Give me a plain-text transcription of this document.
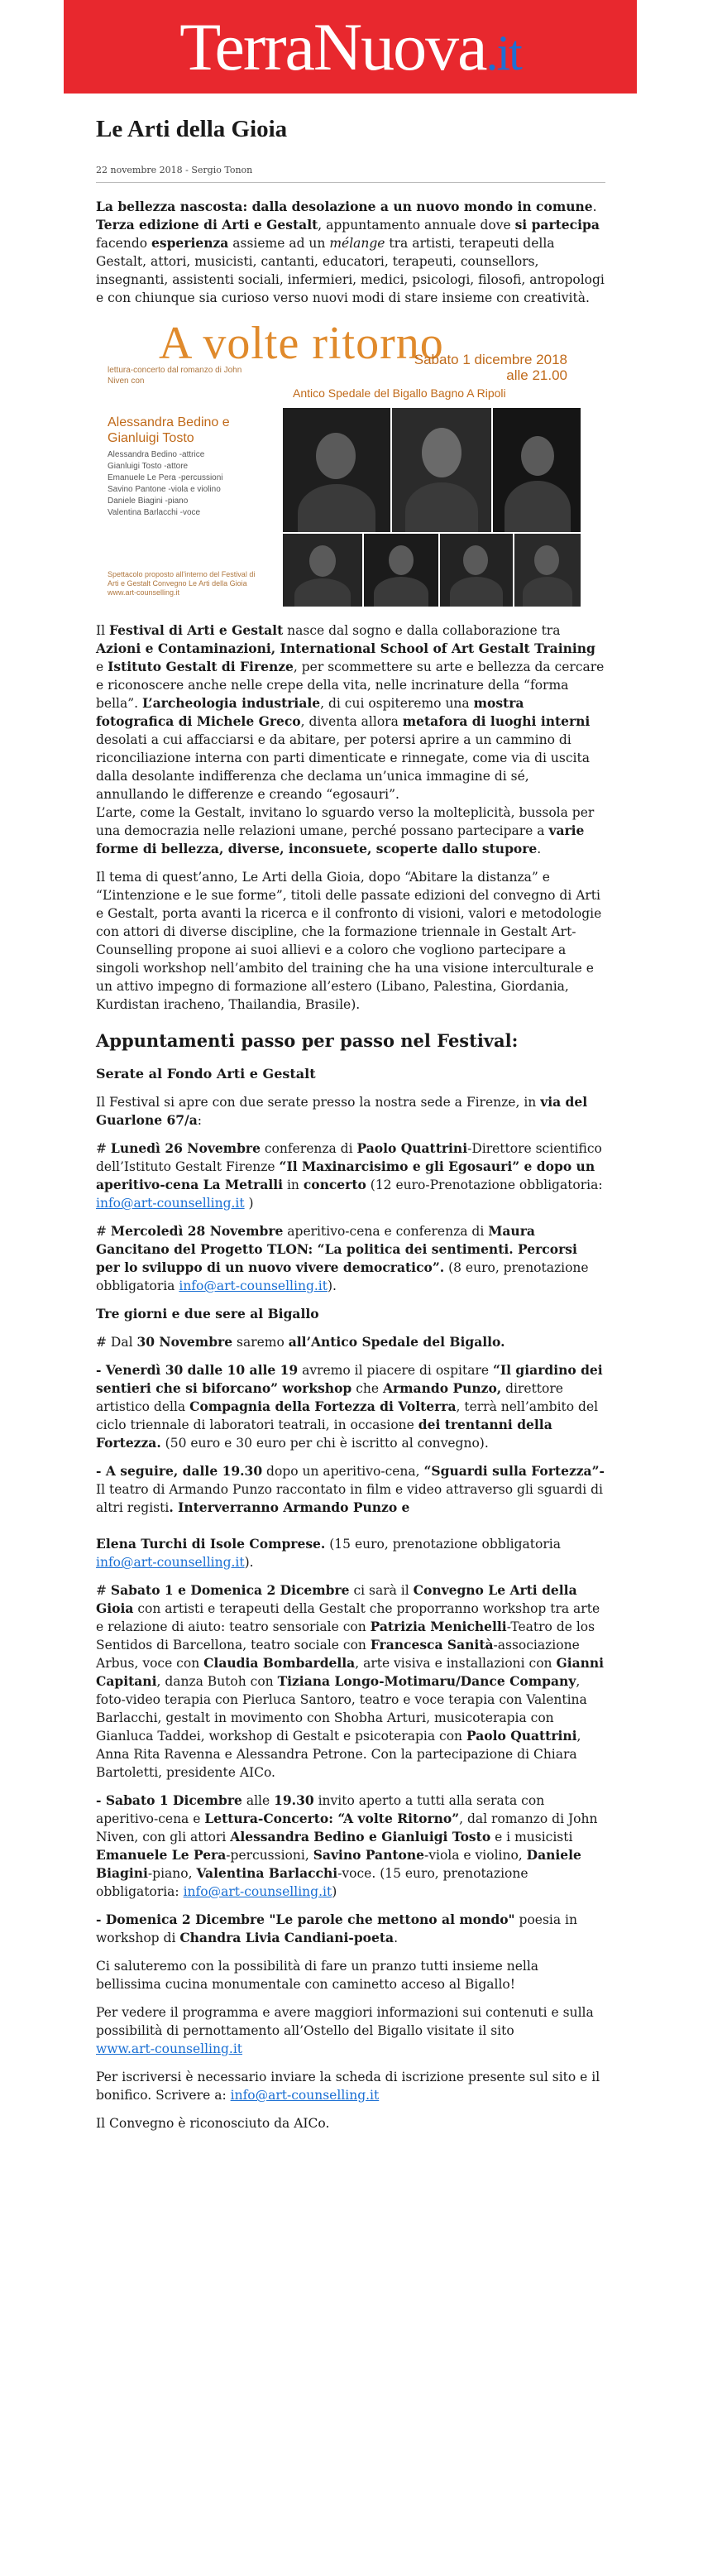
TerraNuova.it
Le Arti della Gioia
22 novembre 2018 - Sergio Tonon

La bellezza nascosta: dalla desolazione a un nuovo mondo in comune. Terza edizione di Arti e Gestalt, appuntamento annuale dove si partecipa facendo esperienza assieme ad un mélange tra artisti, terapeuti della Gestalt, attori, musicisti, cantanti, educatori, terapeuti, counsellors, insegnanti, assistenti sociali, infermieri, medici, psicologi, filosofi, antropologi e con chiunque sia curioso verso nuovi modi di stare insieme con creatività.

A volte ritorno
Sabato 1 dicembre 2018
alle 21.00
Antico Spedale del Bigallo Bagno A Ripoli
lettura-concerto dal romanzo di John Niven con
Alessandra Bedino e Gianluigi Tosto
Alessandra Bedino -attrice
Gianluigi Tosto -attore
Emanuele Le Pera -percussioni
Savino Pantone -viola e violino
Daniele Biagini -piano
Valentina Barlacchi -voce
Spettacolo proposto all'interno del Festival di Arti e Gestalt Convegno Le Arti della Gioia www.art-counselling.it

Il Festival di Arti e Gestalt nasce dal sogno e dalla collaborazione tra Azioni e Contaminazioni, International School of Art Gestalt Training e Istituto Gestalt di Firenze, per scommettere su arte e bellezza da cercare e riconoscere anche nelle crepe della vita, nelle incrinature della “forma bella”. L’archeologia industriale, di cui ospiteremo una mostra fotografica di Michele Greco, diventa allora metafora di luoghi interni desolati a cui affacciarsi e da abitare, per potersi aprire a un cammino di riconciliazione interna con parti dimenticate e rinnegate, come via di uscita dalla desolante indifferenza che declama un’unica immagine di sé, annullando le differenze e creando “egosauri”.
L’arte, come la Gestalt, invitano lo sguardo verso la molteplicità, bussola per una democrazia nelle relazioni umane, perché possano partecipare a varie forme di bellezza, diverse, inconsuete, scoperte dallo stupore.

Il tema di quest’anno, Le Arti della Gioia, dopo “Abitare la distanza” e “L’intenzione e le sue forme”, titoli delle passate edizioni del convegno di Arti e Gestalt, porta avanti la ricerca e il confronto di visioni, valori e metodologie con attori di diverse discipline, che la formazione triennale in Gestalt Art-Counselling propone ai suoi allievi e a coloro che vogliono partecipare a singoli workshop nell’ambito del training che ha una visione interculturale e un attivo impegno di formazione all’estero (Libano, Palestina, Giordania, Kurdistan iracheno, Thailandia, Brasile).

Appuntamenti passo per passo nel Festival:
Serate al Fondo Arti e Gestalt

Il Festival si apre con due serate presso la nostra sede a Firenze, in via del Guarlone 67/a:

# Lunedì 26 Novembre conferenza di Paolo Quattrini-Direttore scientifico dell’Istituto Gestalt Firenze “Il Maxinarcisimo e gli Egosauri” e dopo un aperitivo-cena La Metralli in concerto (12 euro-Prenotazione obbligatoria: info@art-counselling.it )

# Mercoledì 28 Novembre aperitivo-cena e conferenza di Maura Gancitano del Progetto TLON: “La politica dei sentimenti. Percorsi per lo sviluppo di un nuovo vivere democratico”. (8 euro, prenotazione obbligatoria info@art-counselling.it).

Tre giorni e due sere al Bigallo

# Dal 30 Novembre saremo all’Antico Spedale del Bigallo.

- Venerdì 30 dalle 10 alle 19 avremo il piacere di ospitare “Il giardino dei sentieri che si biforcano” workshop che Armando Punzo, direttore artistico della Compagnia della Fortezza di Volterra, terrà nell’ambito del ciclo triennale di laboratori teatrali, in occasione dei trentanni della Fortezza. (50 euro e 30 euro per chi è iscritto al convegno).

- A seguire, dalle 19.30 dopo un aperitivo-cena, “Sguardi sulla Fortezza”- Il teatro di Armando Punzo raccontato in film e video attraverso gli sguardi di altri registi. Interverranno Armando Punzo e

Elena Turchi di Isole Comprese. (15 euro, prenotazione obbligatoria info@art-counselling.it).

# Sabato 1 e Domenica 2 Dicembre ci sarà il Convegno Le Arti della Gioia con artisti e terapeuti della Gestalt che proporranno workshop tra arte e relazione di aiuto: teatro sensoriale con Patrizia Menichelli-Teatro de los Sentidos di Barcellona, teatro sociale con Francesca Sanità-associazione Arbus, voce con Claudia Bombardella, arte visiva e installazioni con Gianni Capitani, danza Butoh con Tiziana Longo-Motimaru/Dance Company, foto-video terapia con Pierluca Santoro, teatro e voce terapia con Valentina Barlacchi, gestalt in movimento con Shobha Arturi, musicoterapia con Gianluca Taddei, workshop di Gestalt e psicoterapia con Paolo Quattrini, Anna Rita Ravenna e Alessandra Petrone. Con la partecipazione di Chiara Bartoletti, presidente AICo.

- Sabato 1 Dicembre alle 19.30 invito aperto a tutti alla serata con aperitivo-cena e Lettura-Concerto: “A volte Ritorno”, dal romanzo di John Niven, con gli attori Alessandra Bedino e Gianluigi Tosto e i musicisti Emanuele Le Pera-percussioni, Savino Pantone-viola e violino, Daniele Biagini-piano, Valentina Barlacchi-voce. (15 euro, prenotazione obbligatoria: info@art-counselling.it)

- Domenica 2 Dicembre "Le parole che mettono al mondo" poesia in workshop di Chandra Livia Candiani-poeta.

Ci saluteremo con la possibilità di fare un pranzo tutti insieme nella bellissima cucina monumentale con caminetto acceso al Bigallo!

Per vedere il programma e avere maggiori informazioni sui contenuti e sulla possibilità di pernottamento all’Ostello del Bigallo visitate il sito
www.art-counselling.it

Per iscriversi è necessario inviare la scheda di iscrizione presente sul sito e il bonifico. Scrivere a: info@art-counselling.it

Il Convegno è riconosciuto da AICo.
